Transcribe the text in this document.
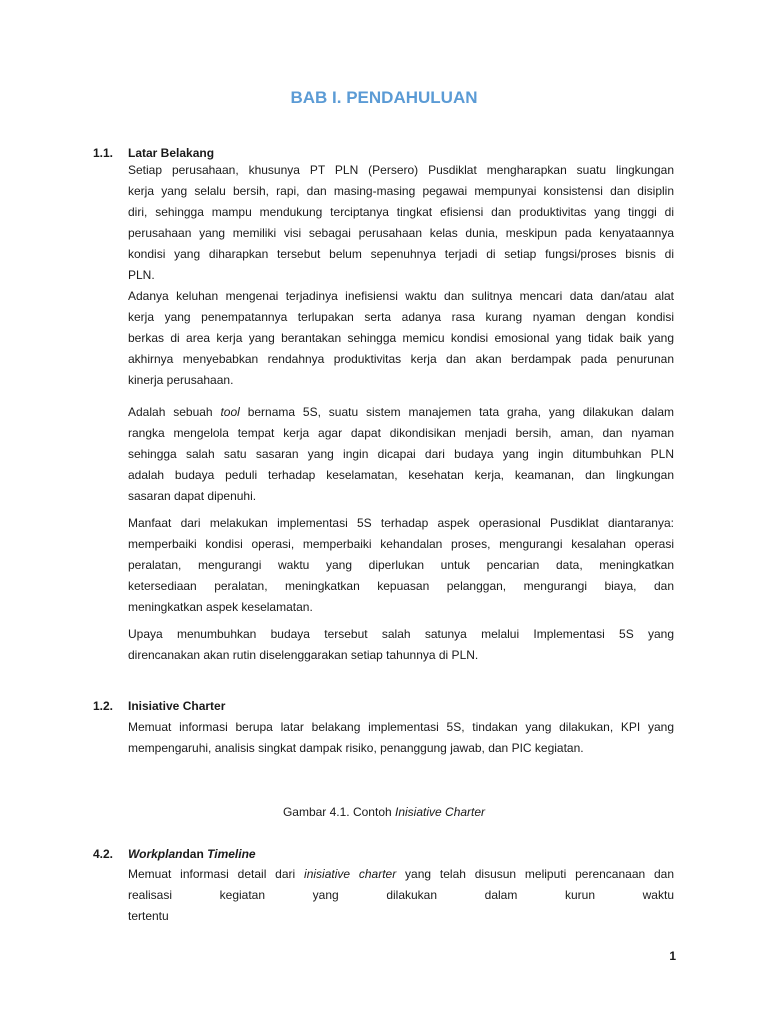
BAB I. PENDAHULUAN

1.1. Latar Belakang

Setiap perusahaan, khusunya PT PLN (Persero) Pusdiklat mengharapkan suatu lingkungan
kerja yang selalu bersih, rapi, dan masing-masing pegawai mempunyai konsistensi dan disiplin
diri, sehingga mampu mendukung terciptanya tingkat efisiensi dan produktivitas yang tinggi di
perusahaan yang memiliki visi sebagai perusahaan kelas dunia, meskipun pada kenyataannya
kondisi yang diharapkan tersebut belum sepenuhnya terjadi di setiap fungsi/proses bisnis di
PLN.

Adanya keluhan mengenai terjadinya inefisiensi waktu dan sulitnya mencari data dan/atau alat
kerja yang penempatannya terlupakan serta adanya rasa kurang nyaman dengan kondisi
berkas di area kerja yang berantakan sehingga memicu kondisi emosional yang tidak baik yang
akhirnya menyebabkan rendahnya produktivitas kerja dan akan berdampak pada penurunan
kinerja perusahaan.

Adalah sebuah tool bernama 5S, suatu sistem manajemen tata graha, yang dilakukan dalam
rangka mengelola tempat kerja agar dapat dikondisikan menjadi bersih, aman, dan nyaman
sehingga salah satu sasaran yang ingin dicapai dari budaya yang ingin ditumbuhkan PLN
adalah budaya peduli terhadap keselamatan, kesehatan kerja, keamanan, dan lingkungan
sasaran dapat dipenuhi.

Manfaat dari melakukan implementasi 5S terhadap aspek operasional Pusdiklat diantaranya:
memperbaiki kondisi operasi, memperbaiki kehandalan proses, mengurangi kesalahan operasi
peralatan, mengurangi waktu yang diperlukan untuk pencarian data, meningkatkan
ketersediaan peralatan, meningkatkan kepuasan pelanggan, mengurangi biaya, dan
meningkatkan aspek keselamatan.

Upaya menumbuhkan budaya tersebut salah satunya melalui Implementasi 5S yang
direncanakan akan rutin diselenggarakan setiap tahunnya di PLN.

1.2. Inisiative Charter

Memuat informasi berupa latar belakang implementasi 5S, tindakan yang dilakukan, KPI yang
mempengaruhi, analisis singkat dampak risiko, penanggung jawab, dan PIC kegiatan.

Gambar 4.1. Contoh Inisiative Charter

4.2. Workplandan Timeline

Memuat informasi detail dari inisiative charter yang telah disusun meliputi perencanaan dan
realisasi kegiatan yang dilakukan dalam kurun waktu tertentu

1
